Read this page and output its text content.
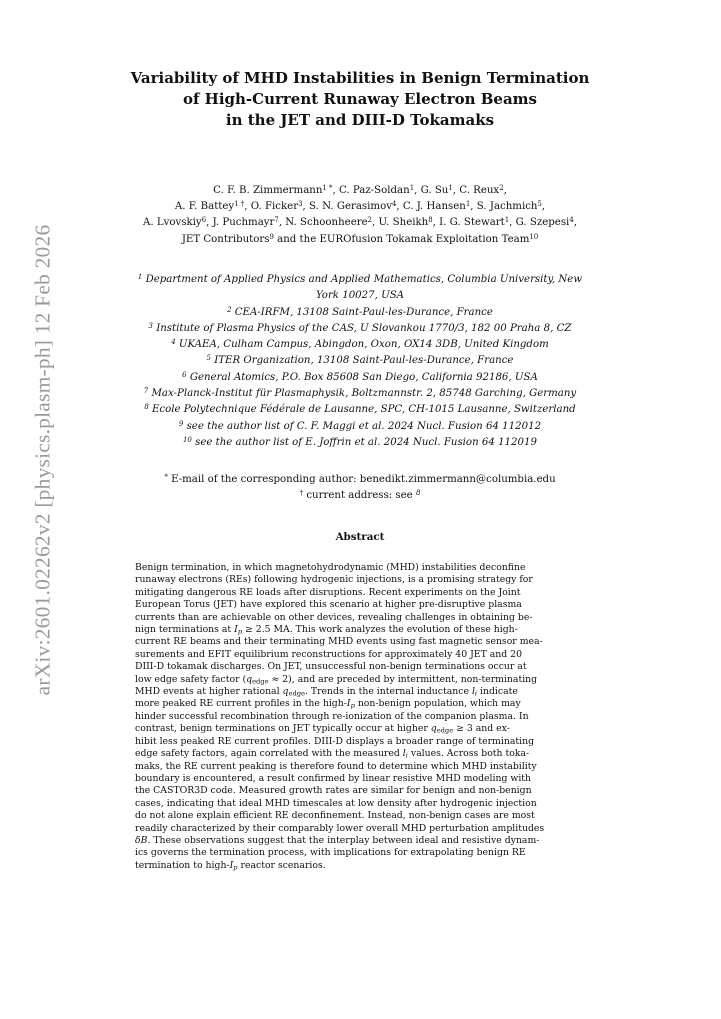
arXiv:2601.02262v2 [physics.plasm-ph] 12 Feb 2026
Variability of MHD Instabilities in Benign Termination
of High-Current Runaway Electron Beams
in the JET and DIII-D Tokamaks
C. F. B. Zimmermann$^{1 *}$, C. Paz-Soldan$^1$, G. Su$^1$, C. Reux$^2$,
A. F. Battey$^{1 \dagger}$, O. Ficker$^3$, S. N. Gerasimov$^4$, C. J. Hansen$^1$, S. Jachmich$^5$,
A. Lvovskiy$^6$, J. Puchmayr$^7$, N. Schoonheere$^2$, U. Sheikh$^8$, I. G. Stewart$^1$, G. Szepesi$^4$,
JET Contributors$^9$ and the EUROfusion Tokamak Exploitation Team$^{10}$
$^1$ Department of Applied Physics and Applied Mathematics, Columbia University, New
York 10027, USA
$^2$ CEA-IRFM, 13108 Saint-Paul-les-Durance, France
$^3$ Institute of Plasma Physics of the CAS, U Slovankou 1770/3, 182 00 Praha 8, CZ
$^4$ UKAEA, Culham Campus, Abingdon, Oxon, OX14 3DB, United Kingdom
$^5$ ITER Organization, 13108 Saint-Paul-les-Durance, France
$^6$ General Atomics, P.O. Box 85608 San Diego, California 92186, USA
$^7$ Max-Planck-Institut für Plasmaphysik, Boltzmannstr. 2, 85748 Garching, Germany
$^8$ Ecole Polytechnique Fédérale de Lausanne, SPC, CH-1015 Lausanne, Switzerland
$^9$ see the author list of C. F. Maggi et al. 2024 Nucl. Fusion 64 112012
$^{10}$ see the author list of E. Joffrin et al. 2024 Nucl. Fusion 64 112019
* E-mail of the corresponding author: benedikt.zimmermann@columbia.edu
† current address: see $^8$
Abstract
Benign termination, in which magnetohydrodynamic (MHD) instabilities deconfine
runaway electrons (REs) following hydrogenic injections, is a promising strategy for
mitigating dangerous RE loads after disruptions. Recent experiments on the Joint
European Torus (JET) have explored this scenario at higher pre-disruptive plasma
currents than are achievable on other devices, revealing challenges in obtaining be-
nign terminations at $I_p \ge 2.5$ MA. This work analyzes the evolution of these high-
current RE beams and their terminating MHD events using fast magnetic sensor mea-
surements and EFIT equilibrium reconstructions for approximately 40 JET and 20
DIII-D tokamak discharges. On JET, unsuccessful non-benign terminations occur at
low edge safety factor $(q_{edge} \approx 2)$, and are preceded by intermittent, non-terminating
MHD events at higher rational $q_{edge}$. Trends in the internal inductance $l_i$ indicate
more peaked RE current profiles in the high-$I_p$ non-benign population, which may
hinder successful recombination through re-ionization of the companion plasma. In
contrast, benign terminations on JET typically occur at higher $q_{edge} \ge 3$ and ex-
hibit less peaked RE current profiles. DIII-D displays a broader range of terminating
edge safety factors, again correlated with the measured $l_i$ values. Across both toka-
maks, the RE current peaking is therefore found to determine which MHD instability
boundary is encountered, a result confirmed by linear resistive MHD modeling with
the CASTOR3D code. Measured growth rates are similar for benign and non-benign
cases, indicating that ideal MHD timescales at low density after hydrogenic injection
do not alone explain efficient RE deconfinement. Instead, non-benign cases are most
readily characterized by their comparably lower overall MHD perturbation amplitudes
δB. These observations suggest that the interplay between ideal and resistive dynam-
ics governs the termination process, with implications for extrapolating benign RE
termination to high-$I_p$ reactor scenarios.
